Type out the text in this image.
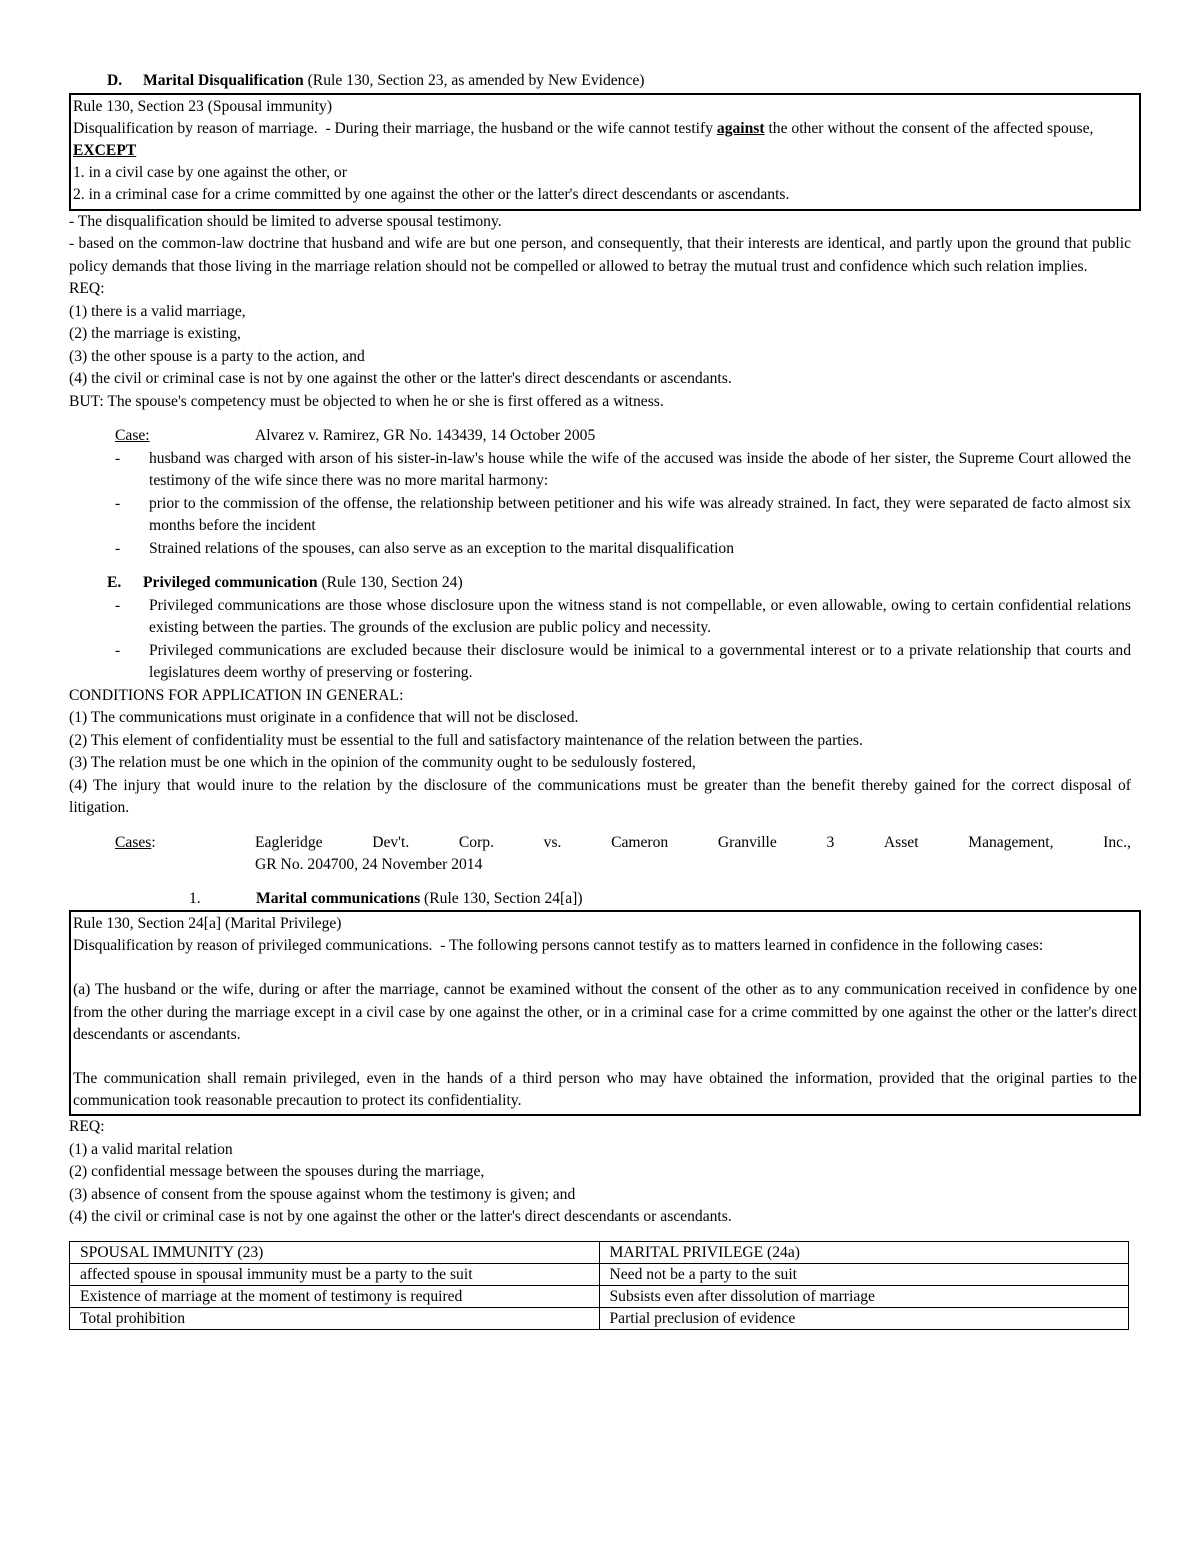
D. Marital Disqualification (Rule 130, Section 23, as amended by New Evidence)
Rule 130, Section 23 (Spousal immunity)
Disqualification by reason of marriage.  - During their marriage, the husband or the wife cannot testify against the other without the consent of the affected spouse,
EXCEPT
1. in a civil case by one against the other, or
2. in a criminal case for a crime committed by one against the other or the latter's direct descendants or ascendants.
- The disqualification should be limited to adverse spousal testimony.
- based on the common-law doctrine that husband and wife are but one person, and consequently, that their interests are identical, and partly upon the ground that public policy demands that those living in the marriage relation should not be compelled or allowed to betray the mutual trust and confidence which such relation implies.
REQ:
(1) there is a valid marriage,
(2) the marriage is existing,
(3) the other spouse is a party to the action, and
(4) the civil or criminal case is not by one against the other or the latter's direct descendants or ascendants.
BUT: The spouse's competency must be objected to when he or she is first offered as a witness.
Case:	Alvarez v. Ramirez, GR No. 143439, 14 October 2005
-	husband was charged with arson of his sister-in-law's house while the wife of the accused was inside the abode of her sister, the Supreme Court allowed the testimony of the wife since there was no more marital harmony:
-	prior to the commission of the offense, the relationship between petitioner and his wife was already strained. In fact, they were separated de facto almost six months before the incident
-	Strained relations of the spouses, can also serve as an exception to the marital disqualification
E. Privileged communication (Rule 130, Section 24)
-	Privileged communications are those whose disclosure upon the witness stand is not compellable, or even allowable, owing to certain confidential relations existing between the parties. The grounds of the exclusion are public policy and necessity.
-	Privileged communications are excluded because their disclosure would be inimical to a governmental interest or to a private relationship that courts and legislatures deem worthy of preserving or fostering.
CONDITIONS FOR APPLICATION IN GENERAL:
(1) The communications must originate in a confidence that will not be disclosed.
(2) This element of confidentiality must be essential to the full and satisfactory maintenance of the relation between the parties.
(3) The relation must be one which in the opinion of the community ought to be sedulously fostered,
(4) The injury that would inure to the relation by the disclosure of the communications must be greater than the benefit thereby gained for the correct disposal of litigation.
Cases:	Eagleridge	Dev't.	Corp.	vs.	Cameron	Granville	3	Asset	Management,	Inc.,
GR No. 204700, 24 November 2014
1.	Marital communications (Rule 130, Section 24[a])
Rule 130, Section 24[a] (Marital Privilege)
Disqualification by reason of privileged communications.  - The following persons cannot testify as to matters learned in confidence in the following cases:
(a) The husband or the wife, during or after the marriage, cannot be examined without the consent of the other as to any communication received in confidence by one from the other during the marriage except in a civil case by one against the other, or in a criminal case for a crime committed by one against the other or the latter's direct descendants or ascendants.
The communication shall remain privileged, even in the hands of a third person who may have obtained the information, provided that the original parties to the communication took reasonable precaution to protect its confidentiality.
REQ:
(1) a valid marital relation
(2) confidential message between the spouses during the marriage,
(3) absence of consent from the spouse against whom the testimony is given; and
(4) the civil or criminal case is not by one against the other or the latter's direct descendants or ascendants.
SPOUSAL IMMUNITY (23)	MARITAL PRIVILEGE (24a)
affected spouse in spousal immunity must be a party to the suit	Need not be a party to the suit
Existence of marriage at the moment of testimony is required	Subsists even after dissolution of marriage
Total prohibition	Partial preclusion of evidence
